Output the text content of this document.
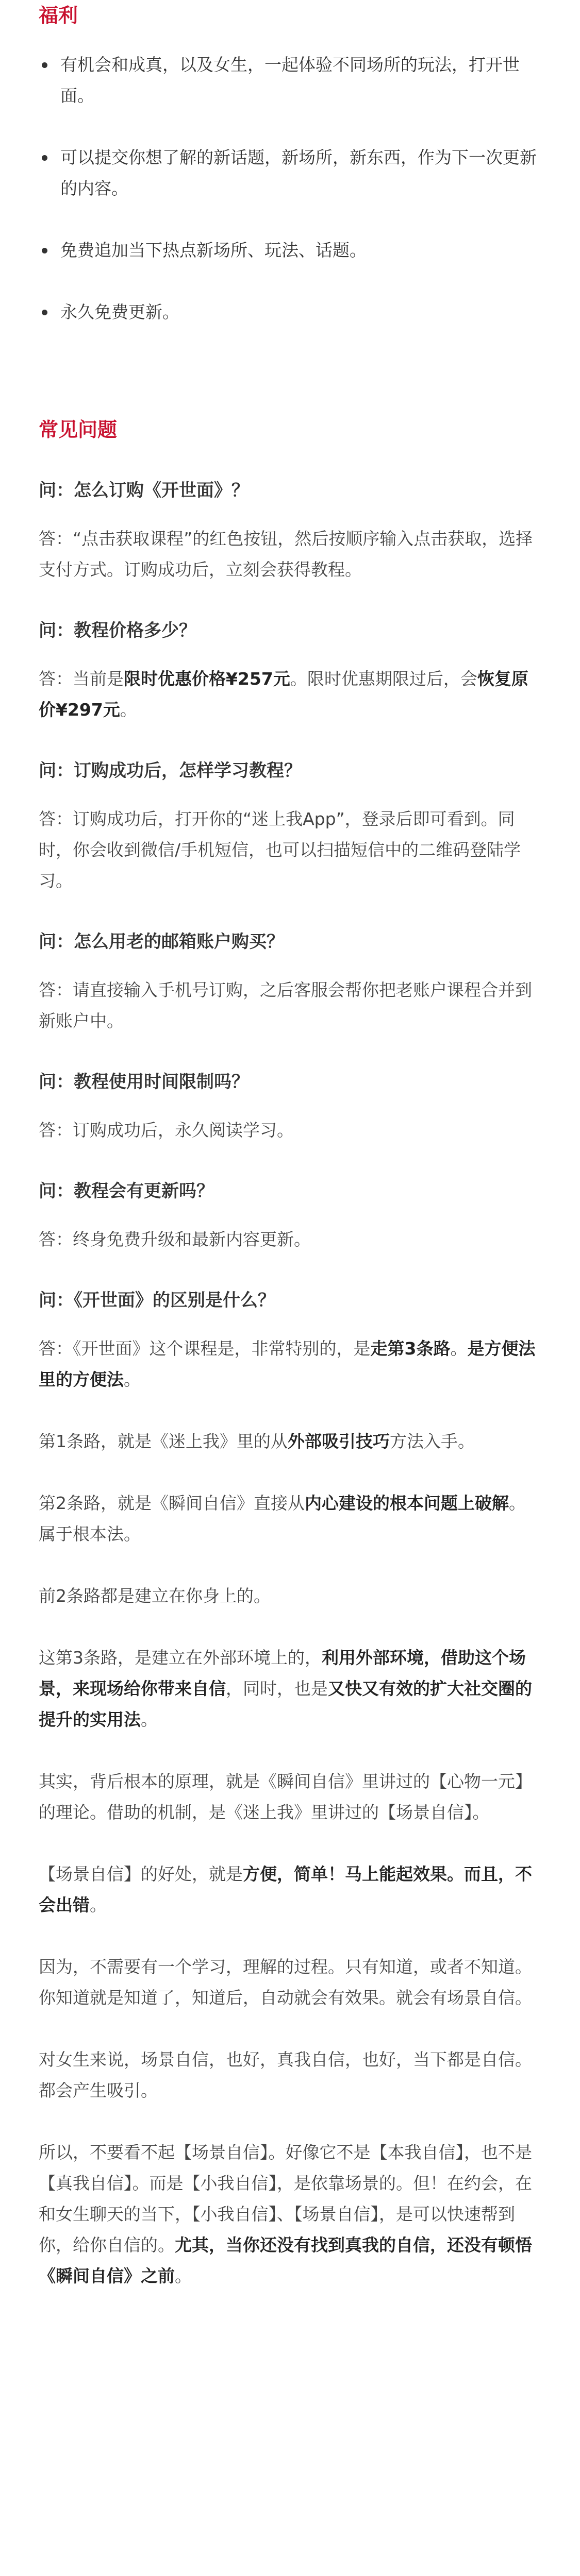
福利
有机会和成真，以及女生，一起体验不同场所的玩法，打开世面。
可以提交你想了解的新话题，新场所，新东西，作为下一次更新的内容。
免费追加当下热点新场所、玩法、话题。
永久免费更新。
常见问题

问：怎么订购《开世面》？

答：“点击获取课程”的红色按钮，然后按顺序输入点击获取，选择支付方式。订购成功后，立刻会获得教程。

问：教程价格多少？

答：当前是限时优惠价格¥257元。限时优惠期限过后，会恢复原价¥297元。

问：订购成功后，怎样学习教程？

答：订购成功后，打开你的“迷上我App”，登录后即可看到。同时，你会收到微信/手机短信，也可以扫描短信中的二维码登陆学习。

问：怎么用老的邮箱账户购买？

答：请直接输入手机号订购，之后客服会帮你把老账户课程合并到新账户中。

问：教程使用时间限制吗？

答：订购成功后，永久阅读学习。

问：教程会有更新吗？

答：终身免费升级和最新内容更新。

问：《开世面》的区别是什么？

答：《开世面》这个课程是，非常特别的，是走第3条路。是方便法里的方便法。

第1条路，就是《迷上我》里的从外部吸引技巧方法入手。

第2条路，就是《瞬间自信》直接从内心建设的根本问题上破解。属于根本法。

前2条路都是建立在你身上的。

这第3条路，是建立在外部环境上的，利用外部环境，借助这个场景，来现场给你带来自信，同时，也是又快又有效的扩大社交圈的提升的实用法。

其实，背后根本的原理，就是《瞬间自信》里讲过的【心物一元】的理论。借助的机制，是《迷上我》里讲过的【场景自信】。

【场景自信】的好处，就是方便，简单！马上能起效果。而且，不会出错。

因为，不需要有一个学习，理解的过程。只有知道，或者不知道。你知道就是知道了，知道后，自动就会有效果。就会有场景自信。

对女生来说，场景自信，也好，真我自信，也好，当下都是自信。都会产生吸引。

所以，不要看不起【场景自信】。好像它不是【本我自信】，也不是【真我自信】。而是【小我自信】，是依靠场景的。但！在约会，在和女生聊天的当下，【小我自信】、【场景自信】，是可以快速帮到你，给你自信的。尤其，当你还没有找到真我的自信，还没有顿悟《瞬间自信》之前。
